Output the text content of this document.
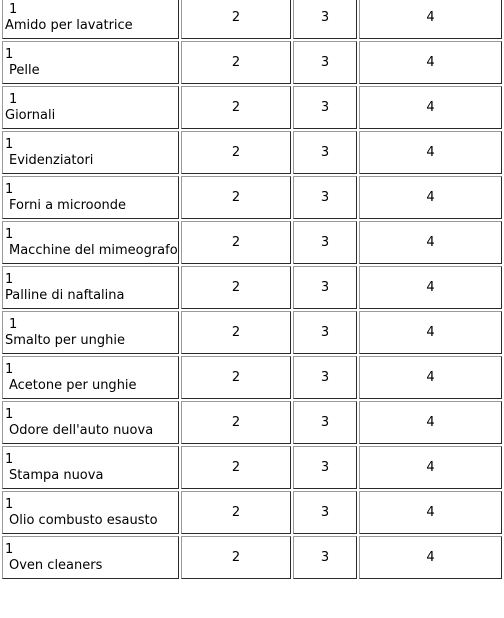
1
Amido per lavatrice	2	3	4

1
Pelle	2	3	4

1
Giornali	2	3	4

1
Evidenziatori	2	3	4

1
Forni a microonde	2	3	4

1
Macchine del mimeografo	2	3	4

1
Palline di naftalina	2	3	4

1
Smalto per unghie	2	3	4

1
Acetone per unghie	2	3	4

1
Odore dell'auto nuova	2	3	4

1
Stampa nuova	2	3	4

1
Olio combusto esausto	2	3	4

1
Oven cleaners	2	3	4
